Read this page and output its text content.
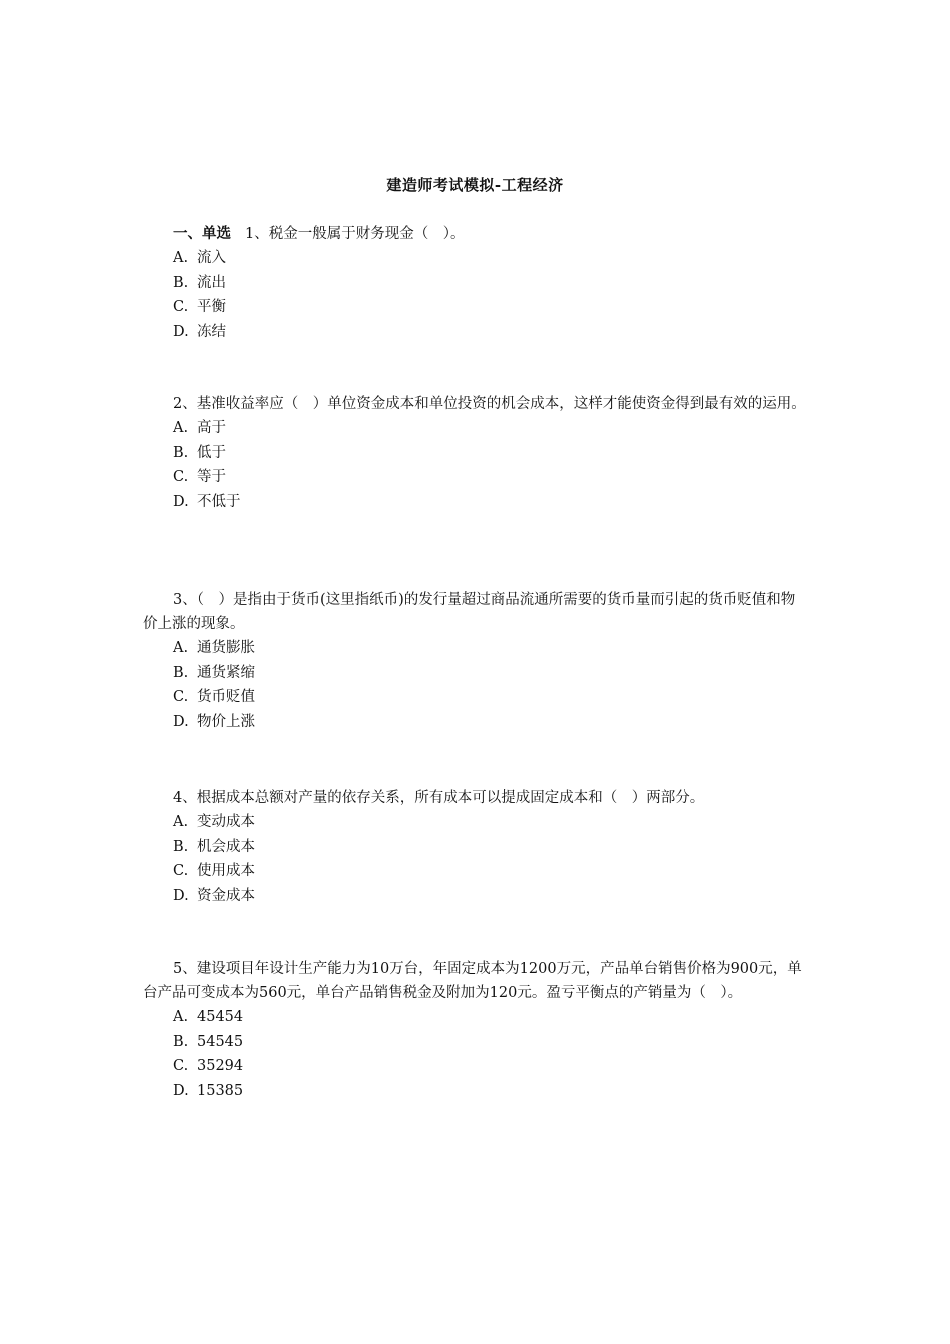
建造师考试模拟-工程经济

一、单选 1、税金一般属于财务现金（　）。

A. 流入

B. 流出

C. 平衡

D. 冻结

2、基准收益率应（　）单位资金成本和单位投资的机会成本，这样才能使资金得到最有效的运用。

A. 高于

B. 低于

C. 等于

D. 不低于

3、（　）是指由于货币(这里指纸币)的发行量超过商品流通所需要的货币量而引起的货币贬值和物价上涨的现象。

A. 通货膨胀

B. 通货紧缩

C. 货币贬值

D. 物价上涨

4、根据成本总额对产量的依存关系，所有成本可以提成固定成本和（　）两部分。

A. 变动成本

B. 机会成本

C. 使用成本

D. 资金成本

5、建设项目年设计生产能力为10万台，年固定成本为1200万元，产品单台销售价格为900元，单台产品可变成本为560元，单台产品销售税金及附加为120元。盈亏平衡点的产销量为（　）。

A. 45454

B. 54545

C. 35294

D. 15385
